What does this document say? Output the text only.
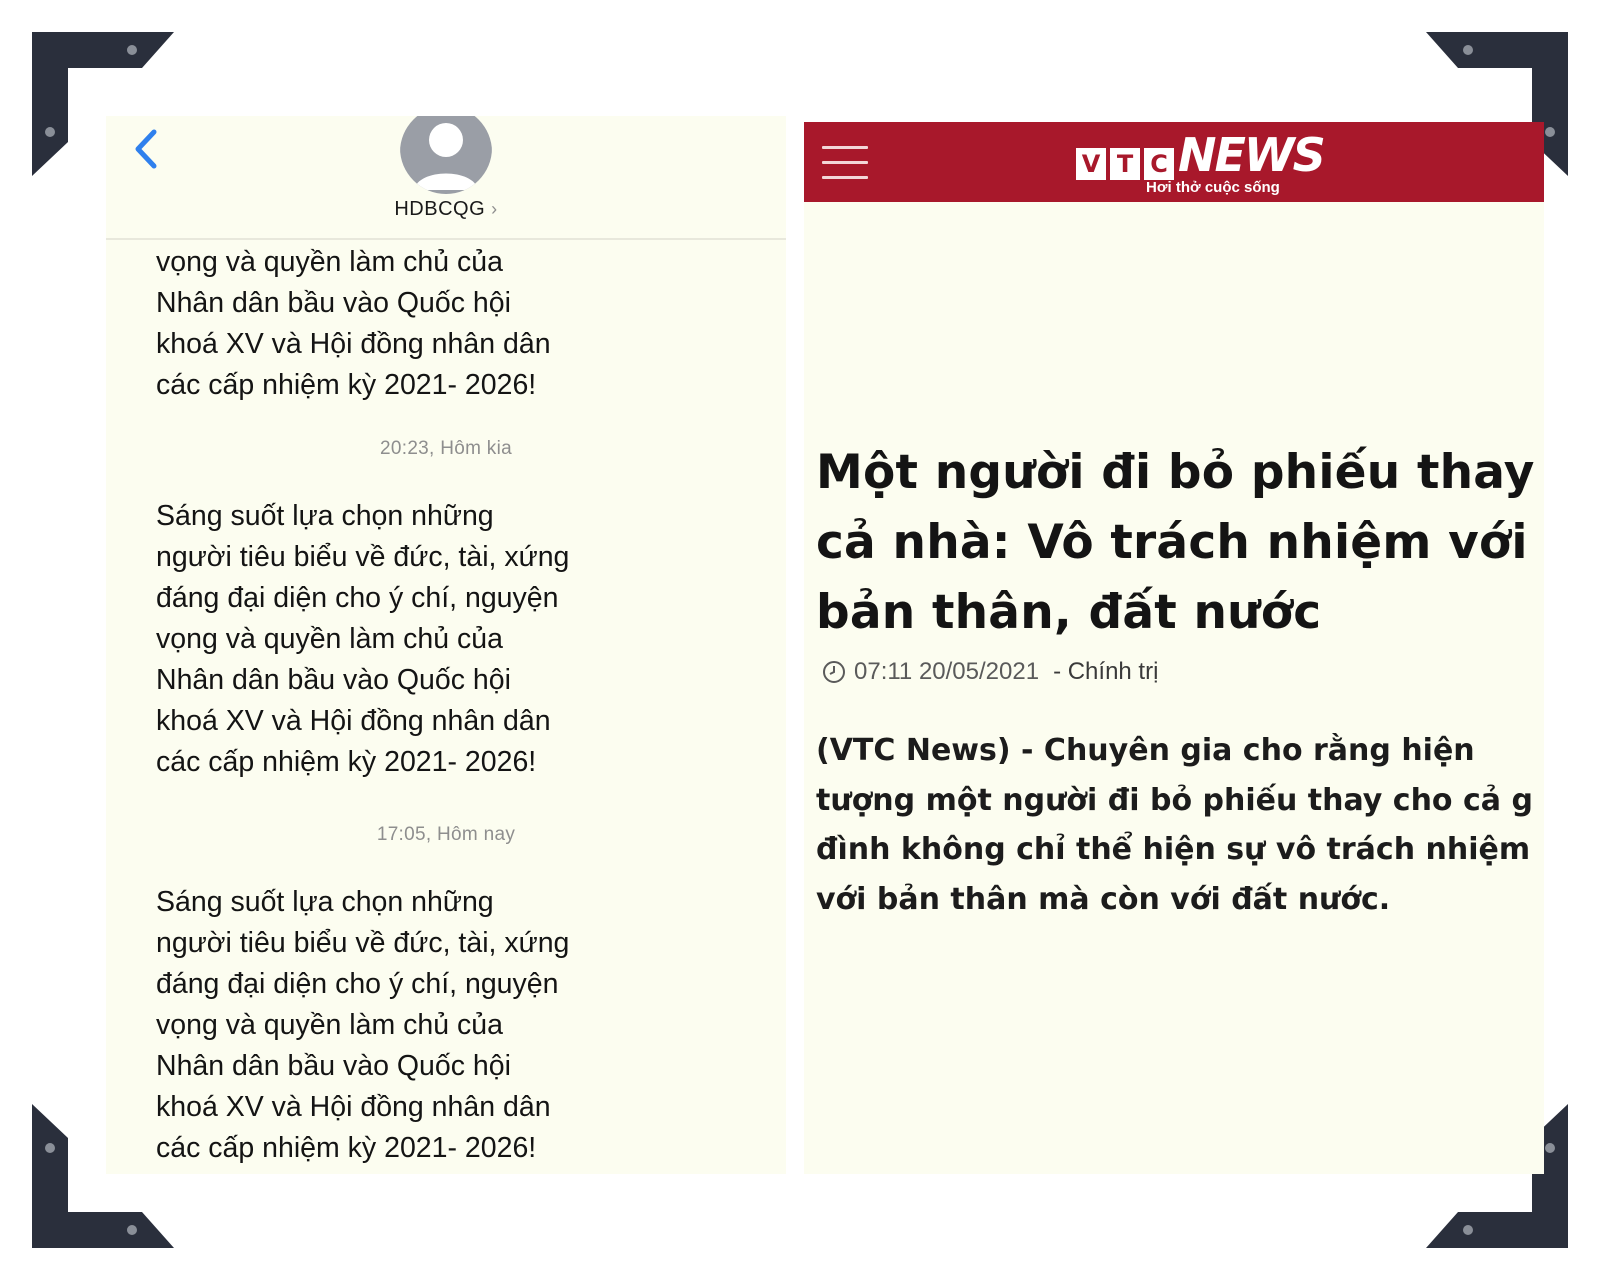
HDBCQG ›
vọng và quyền làm chủ của
Nhân dân bầu vào Quốc hội
khoá XV và Hội đồng nhân dân
các cấp nhiệm kỳ 2021- 2026!
20:23, Hôm kia
Sáng suốt lựa chọn những
người tiêu biểu về đức, tài, xứng
đáng đại diện cho ý chí, nguyện
vọng và quyền làm chủ của
Nhân dân bầu vào Quốc hội
khoá XV và Hội đồng nhân dân
các cấp nhiệm kỳ 2021- 2026!
17:05, Hôm nay
Sáng suốt lựa chọn những
người tiêu biểu về đức, tài, xứng
đáng đại diện cho ý chí, nguyện
vọng và quyền làm chủ của
Nhân dân bầu vào Quốc hội
khoá XV và Hội đồng nhân dân
các cấp nhiệm kỳ 2021- 2026!
V T C NEWS
Hơi thở cuộc sống
Một người đi bỏ phiếu thay
cả nhà: Vô trách nhiệm với
bản thân, đất nước
07:11 20/05/2021 - Chính trị

(VTC News) - Chuyên gia cho rằng hiện
tượng một người đi bỏ phiếu thay cho cả g
đình không chỉ thể hiện sự vô trách nhiệm
với bản thân mà còn với đất nước.
